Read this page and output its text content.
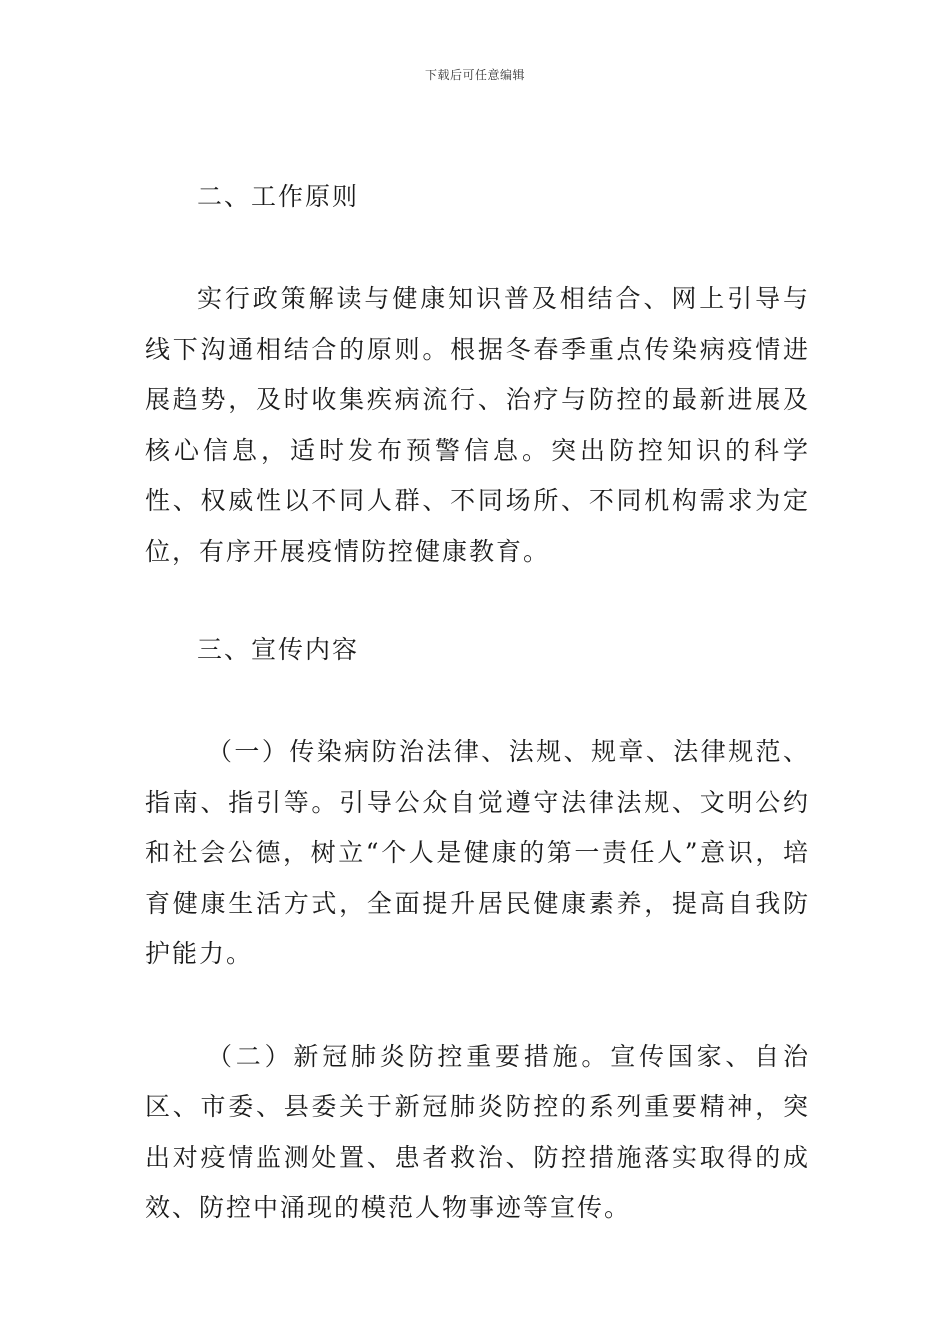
下载后可任意编辑
二、工作原则

实行政策解读与健康知识普及相结合、网上引导与线下沟通相结合的原则。根据冬春季重点传染病疫情进展趋势，及时收集疾病流行、治疗与防控的最新进展及核心信息，适时发布预警信息。突出防控知识的科学性、权威性以不同人群、不同场所、不同机构需求为定位，有序开展疫情防控健康教育。

三、宣传内容

（一）传染病防治法律、法规、规章、法律规范、指南、指引等。引导公众自觉遵守法律法规、文明公约和社会公德，树立“个人是健康的第一责任人”意识，培育健康生活方式，全面提升居民健康素养，提高自我防护能力。

（二）新冠肺炎防控重要措施。宣传国家、自治区、市委、县委关于新冠肺炎防控的系列重要精神，突出对疫情监测处置、患者救治、防控措施落实取得的成效、防控中涌现的模范人物事迹等宣传。
